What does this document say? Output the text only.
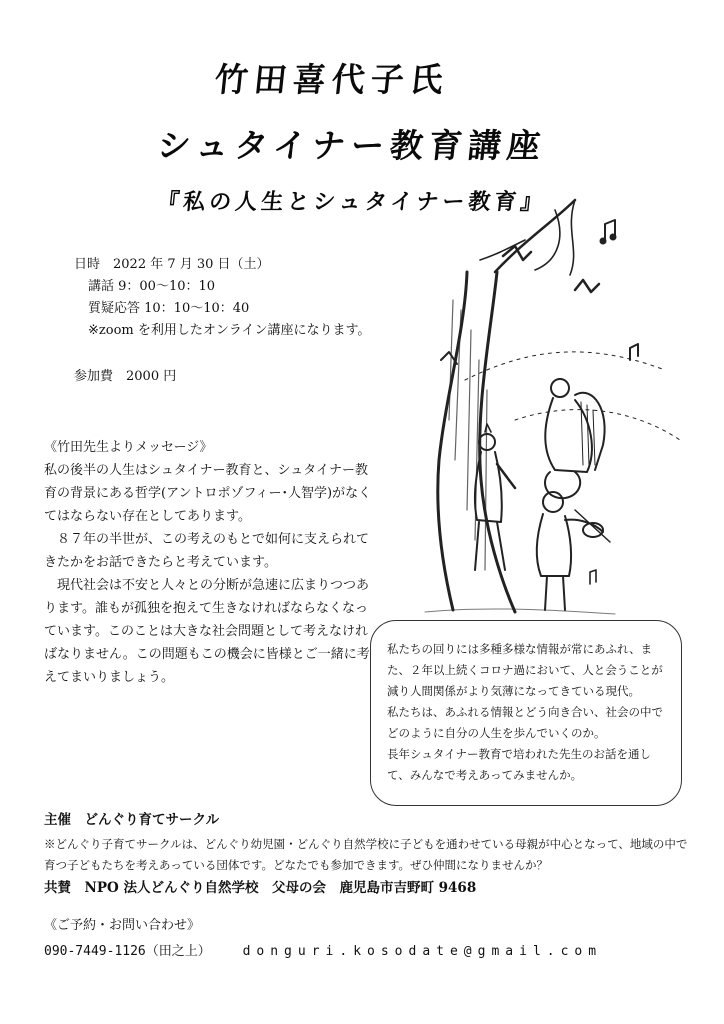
竹田喜代子氏
シュタイナー教育講座
『私の人生とシュタイナー教育』
日時　2022 年 7 月 30 日（土）
講話 9：00〜10：10
質疑応答 10：10〜10：40
※zoom を利用したオンライン講座になります。
参加費　2000 円

《竹田先生よりメッセージ》

私の後半の人生はシュタイナー教育と、シュタイナー教育の背景にある哲学(アントロポゾフィー･人智学)がなくてはならない存在としてあります。

８７年の半世が、この考えのもとで如何に支えられてきたかをお話できたらと考えています。

現代社会は不安と人々との分断が急速に広まりつつあります。誰もが孤独を抱えて生きなければならなくなっています。このことは大きな社会問題として考えなければなりません。この問題もこの機会に皆様とご一緒に考えてまいりましょう。

私たちの回りには多種多様な情報が常にあふれ、また、２年以上続くコロナ過において、人と会うことが減り人間関係がより気薄になってきている現代。

私たちは、あふれる情報とどう向き合い、社会の中でどのように自分の人生を歩んでいくのか。

長年シュタイナー教育で培われた先生のお話を通して、みんなで考えあってみませんか。

主催　どんぐり育てサークル
※どんぐり子育てサークルは、どんぐり幼児園・どんぐり自然学校に子どもを通わせている母親が中心となって、地域の中で育つ子どもたちを考えあっている団体です。どなたでも参加できます。ぜひ仲間になりませんか？
共賛　NPO 法人どんぐり自然学校　父母の会　鹿児島市吉野町 9468
《ご予約・お問い合わせ》
090-7449-1126（田之上） donguri.kosodate@gmail.com
